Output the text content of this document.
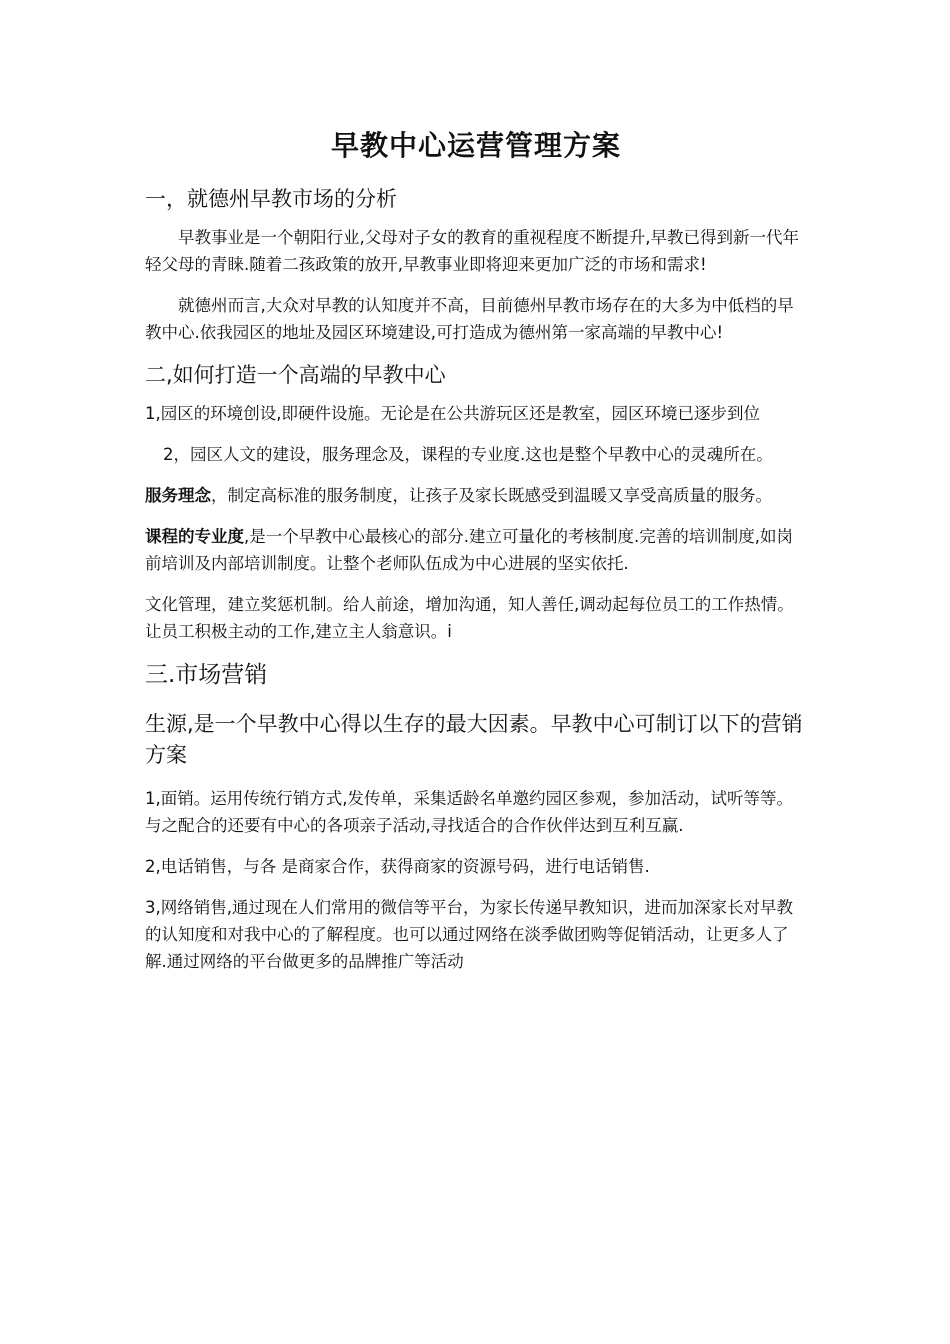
早教中心运营管理方案
一，就德州早教市场的分析

早教事业是一个朝阳行业,父母对子女的教育的重视程度不断提升,早教已得到新一代年轻父母的青睐.随着二孩政策的放开,早教事业即将迎来更加广泛的市场和需求!

就德州而言,大众对早教的认知度并不高，目前德州早教市场存在的大多为中低档的早教中心.依我园区的地址及园区环境建设,可打造成为德州第一家高端的早教中心!

二,如何打造一个高端的早教中心

1,园区的环境创设,即硬件设施。无论是在公共游玩区还是教室，园区环境已逐步到位

2，园区人文的建设，服务理念及，课程的专业度.这也是整个早教中心的灵魂所在。

服务理念，制定高标准的服务制度，让孩子及家长既感受到温暖又享受高质量的服务。

课程的专业度,是一个早教中心最核心的部分.建立可量化的考核制度.完善的培训制度,如岗前培训及内部培训制度。让整个老师队伍成为中心进展的坚实依托.

文化管理，建立奖惩机制。给人前途，增加沟通，知人善任,调动起每位员工的工作热情。让员工积极主动的工作,建立主人翁意识。i

三.市场营销
生源,是一个早教中心得以生存的最大因素。早教中心可制订以下的营销方案

1,面销。运用传统行销方式,发传单，采集适龄名单邀约园区参观，参加活动，试听等等。与之配合的还要有中心的各项亲子活动,寻找适合的合作伙伴达到互利互赢.

2,电话销售，与各 是商家合作，获得商家的资源号码，进行电话销售.

3,网络销售,通过现在人们常用的微信等平台，为家长传递早教知识，进而加深家长对早教的认知度和对我中心的了解程度。也可以通过网络在淡季做团购等促销活动，让更多人了解.通过网络的平台做更多的品牌推广等活动
